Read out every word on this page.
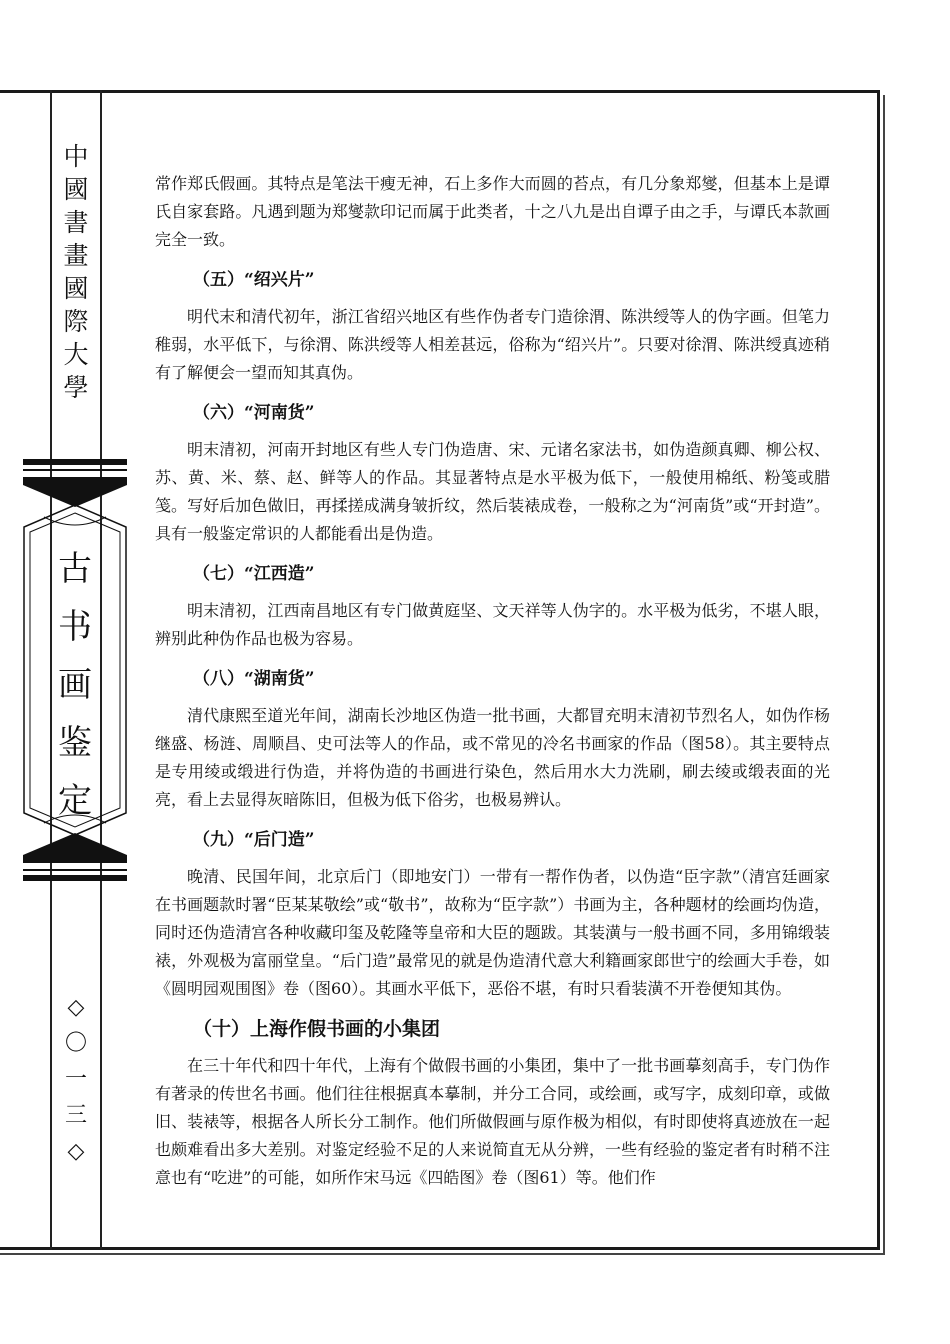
中
國
書
畫
國
際
大
學
古
书
画
鉴
定
◇
〇
一
三
◇

常作郑氏假画。其特点是笔法干瘦无神，石上多作大而圆的苔点，有几分象郑燮，但基本上是谭氏自家套路。凡遇到题为郑燮款印记而属于此类者，十之八九是出自谭子由之手，与谭氏本款画完全一致。

（五）“绍兴片”

明代末和清代初年，浙江省绍兴地区有些作伪者专门造徐渭、陈洪绶等人的伪字画。但笔力稚弱，水平低下，与徐渭、陈洪绶等人相差甚远，俗称为“绍兴片”。只要对徐渭、陈洪绶真迹稍有了解便会一望而知其真伪。

（六）“河南货”

明末清初，河南开封地区有些人专门伪造唐、宋、元诸名家法书，如伪造颜真卿、柳公权、苏、黄、米、蔡、赵、鲜等人的作品。其显著特点是水平极为低下，一般使用棉纸、粉笺或腊笺。写好后加色做旧，再揉搓成满身皱折纹，然后装裱成卷，一般称之为“河南货”或“开封造”。具有一般鉴定常识的人都能看出是伪造。

（七）“江西造”

明末清初，江西南昌地区有专门做黄庭坚、文天祥等人伪字的。水平极为低劣，不堪人眼，辨别此种伪作品也极为容易。

（八）“湖南货”

清代康熙至道光年间，湖南长沙地区伪造一批书画，大都冒充明末清初节烈名人，如伪作杨继盛、杨涟、周顺昌、史可法等人的作品，或不常见的冷名书画家的作品（图58）。其主要特点是专用绫或缎进行伪造，并将伪造的书画进行染色，然后用水大力洗刷，刷去绫或缎表面的光亮，看上去显得灰暗陈旧，但极为低下俗劣，也极易辨认。

（九）“后门造”

晚清、民国年间，北京后门（即地安门）一带有一帮作伪者，以伪造“臣字款”（清宫廷画家在书画题款时署“臣某某敬绘”或“敬书”，故称为“臣字款”）书画为主，各种题材的绘画均伪造，同时还伪造清宫各种收藏印玺及乾隆等皇帝和大臣的题跋。其装潢与一般书画不同，多用锦缎装裱，外观极为富丽堂皇。“后门造”最常见的就是伪造清代意大利籍画家郎世宁的绘画大手卷，如《圆明园观围图》卷（图60）。其画水平低下，恶俗不堪，有时只看装潢不开卷便知其伪。

（十）上海作假书画的小集团

在三十年代和四十年代，上海有个做假书画的小集团，集中了一批书画摹刻高手，专门伪作有著录的传世名书画。他们往往根据真本摹制，并分工合同，或绘画，或写字，成刻印章，或做旧、装裱等，根据各人所长分工制作。他们所做假画与原作极为相似，有时即使将真迹放在一起也颇难看出多大差别。对鉴定经验不足的人来说简直无从分辨，一些有经验的鉴定者有时稍不注意也有“吃进”的可能，如所作宋马远《四皓图》卷（图61）等。他们作
